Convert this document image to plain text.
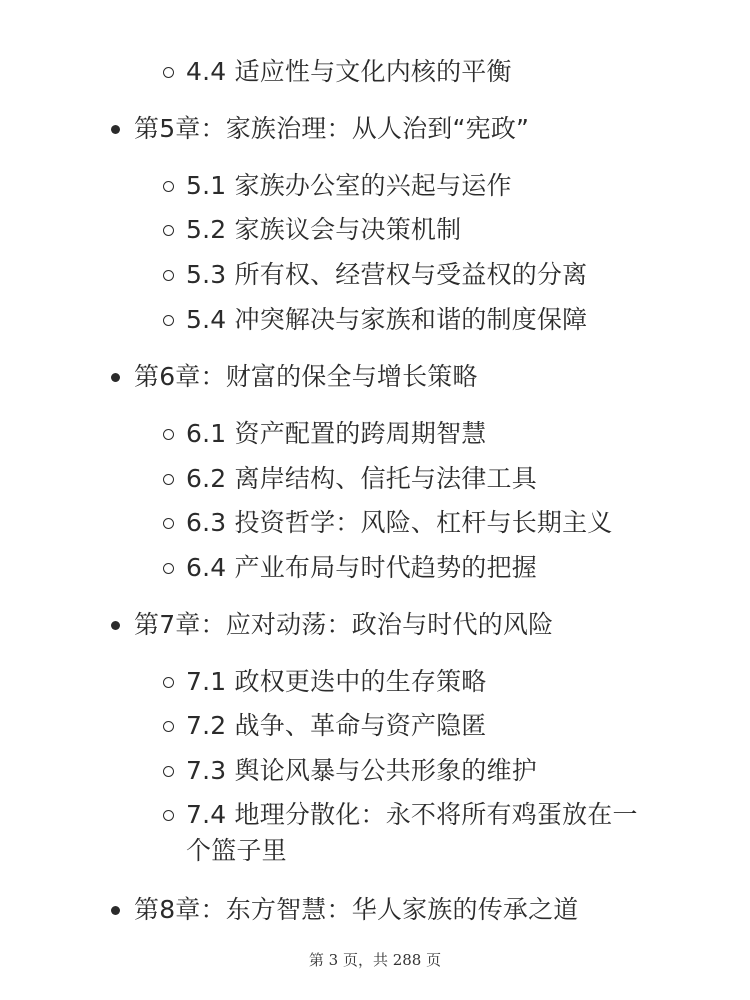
4.4 适应性与文化内核的平衡
第5章：家族治理：从人治到“宪政”
5.1 家族办公室的兴起与运作
5.2 家族议会与决策机制
5.3 所有权、经营权与受益权的分离
5.4 冲突解决与家族和谐的制度保障
第6章：财富的保全与增长策略
6.1 资产配置的跨周期智慧
6.2 离岸结构、信托与法律工具
6.3 投资哲学：风险、杠杆与长期主义
6.4 产业布局与时代趋势的把握
第7章：应对动荡：政治与时代的风险
7.1 政权更迭中的生存策略
7.2 战争、革命与资产隐匿
7.3 舆论风暴与公共形象的维护
7.4 地理分散化：永不将所有鸡蛋放在一
个篮子里
第8章：东方智慧：华人家族的传承之道
第 3 页，共 288 页
